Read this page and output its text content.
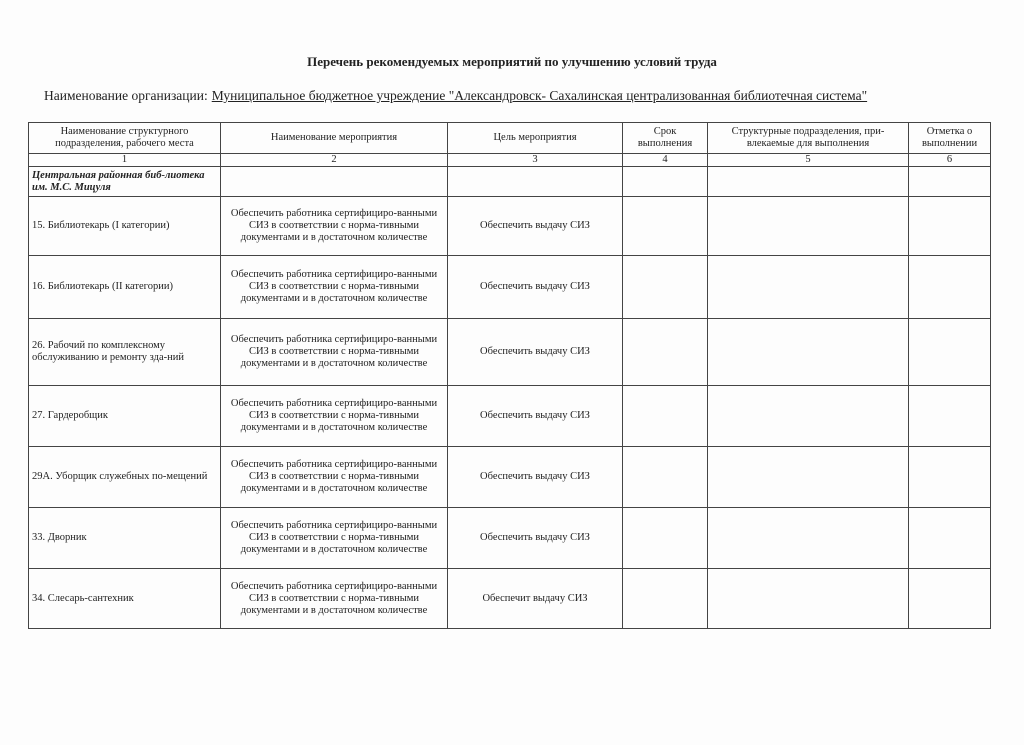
Перечень рекомендуемых мероприятий по улучшению условий труда
Наименование организации: Муниципальное бюджетное учреждение "Александровск- Сахалинская централизованная библиотечная система"
Наименование структурного подразделения, рабочего места	Наименование мероприятия	Цель мероприятия	Срок выполнения	Структурные подразделения, при-влекаемые для выполнения	Отметка о выполнении
1	2	3	4	5	6
Центральная районная биб-лиотека им. М.С. Мицуля					
15. Библиотекарь (I категории)	Обеспечить работника сертифициро-ванными СИЗ в соответствии с норма-тивными документами и в достаточном количестве	Обеспечить выдачу СИЗ			
16. Библиотекарь (II категории)	Обеспечить работника сертифициро-ванными СИЗ в соответствии с норма-тивными документами и в достаточном количестве	Обеспечить выдачу СИЗ			
26. Рабочий по комплексному обслуживанию и ремонту зда-ний	Обеспечить работника сертифициро-ванными СИЗ в соответствии с норма-тивными документами и в достаточном количестве	Обеспечить выдачу СИЗ			
27. Гардеробщик	Обеспечить работника сертифициро-ванными СИЗ в соответствии с норма-тивными документами и в достаточном количестве	Обеспечить выдачу СИЗ			
29А. Уборщик служебных по-мещений	Обеспечить работника сертифициро-ванными СИЗ в соответствии с норма-тивными документами и в достаточном количестве	Обеспечить выдачу СИЗ			
33. Дворник	Обеспечить работника сертифициро-ванными СИЗ в соответствии с норма-тивными документами и в достаточном количестве	Обеспечить выдачу СИЗ			
34. Слесарь-сантехник	Обеспечить работника сертифициро-ванными СИЗ в соответствии с норма-тивными документами и в достаточном количестве	Обеспечит выдачу СИЗ			
